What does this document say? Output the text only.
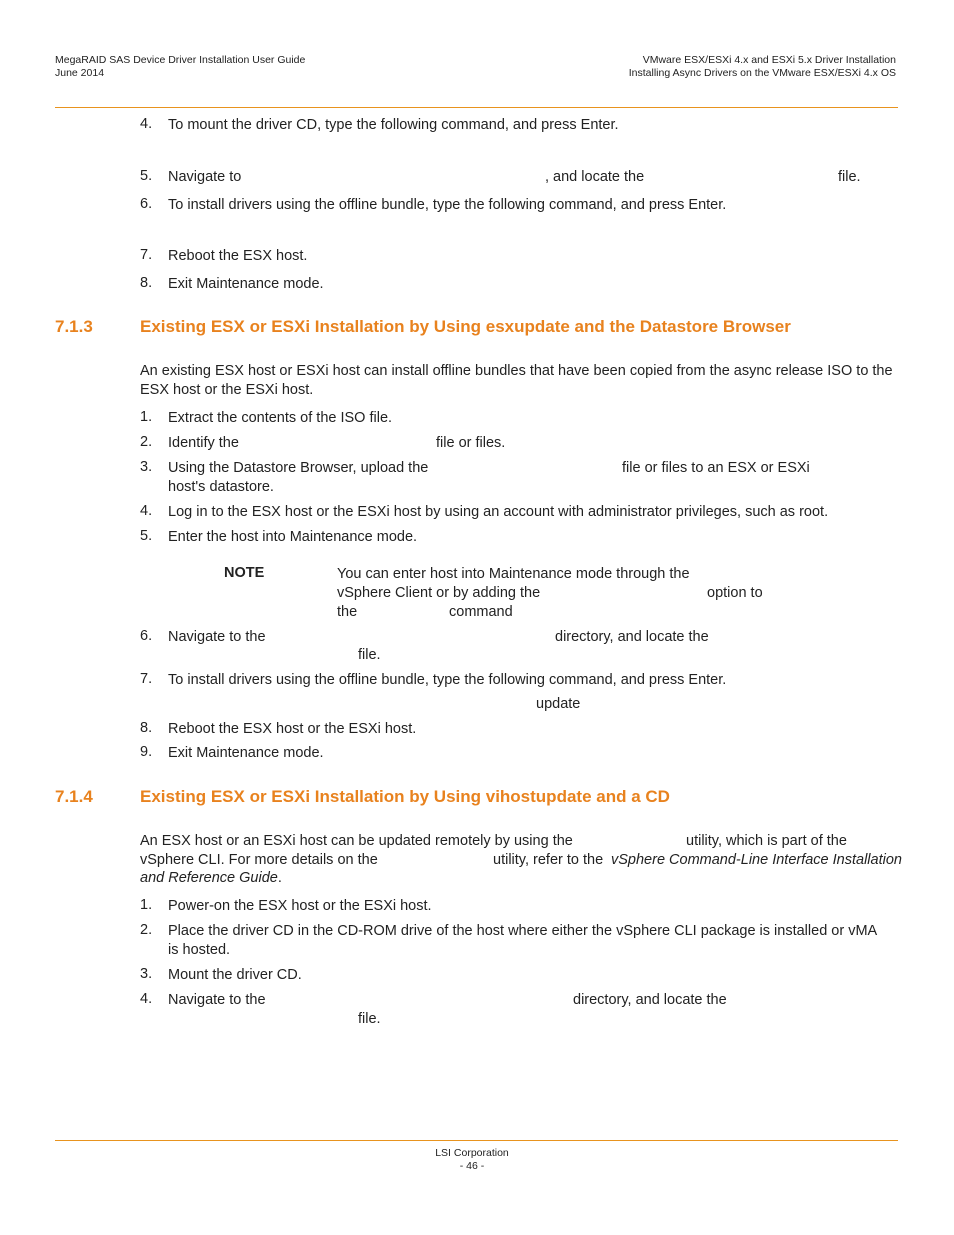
MegaRAID SAS Device Driver Installation User Guide
June 2014
VMware ESX/ESXi 4.x and ESXi 5.x Driver Installation
Installing Async Drivers on the VMware ESX/ESXi 4.x OS
4. To mount the driver CD, type the following command, and press Enter.
5. Navigate to	, and locate the	file.
6. To install drivers using the offline bundle, type the following command, and press Enter.
7. Reboot the ESX host.
8. Exit Maintenance mode.
7.1.3	Existing ESX or ESXi Installation by Using esxupdate and the Datastore Browser
An existing ESX host or ESXi host can install offline bundles that have been copied from the async release ISO to the ESX host or the ESXi host.
1. Extract the contents of the ISO file.
2. Identify the	file or files.
3. Using the Datastore Browser, upload the	file or files to an ESX or ESXi
host's datastore.
4. Log in to the ESX host or the ESXi host by using an account with administrator privileges, such as root.
5. Enter the host into Maintenance mode.
NOTE	You can enter host into Maintenance mode through the
vSphere Client or by adding the	option to
the	command
6. Navigate to the	directory, and locate the
file.
7. To install drivers using the offline bundle, type the following command, and press Enter.
update
8. Reboot the ESX host or the ESXi host.
9. Exit Maintenance mode.
7.1.4	Existing ESX or ESXi Installation by Using vihostupdate and a CD
An ESX host or an ESXi host can be updated remotely by using the	utility, which is part of the
vSphere CLI. For more details on the	utility, refer to the vSphere Command-Line Interface Installation
and Reference Guide.
1. Power-on the ESX host or the ESXi host.
2. Place the driver CD in the CD-ROM drive of the host where either the vSphere CLI package is installed or vMA
is hosted.
3. Mount the driver CD.
4. Navigate to the	directory, and locate the
file.
LSI Corporation
- 46 -
